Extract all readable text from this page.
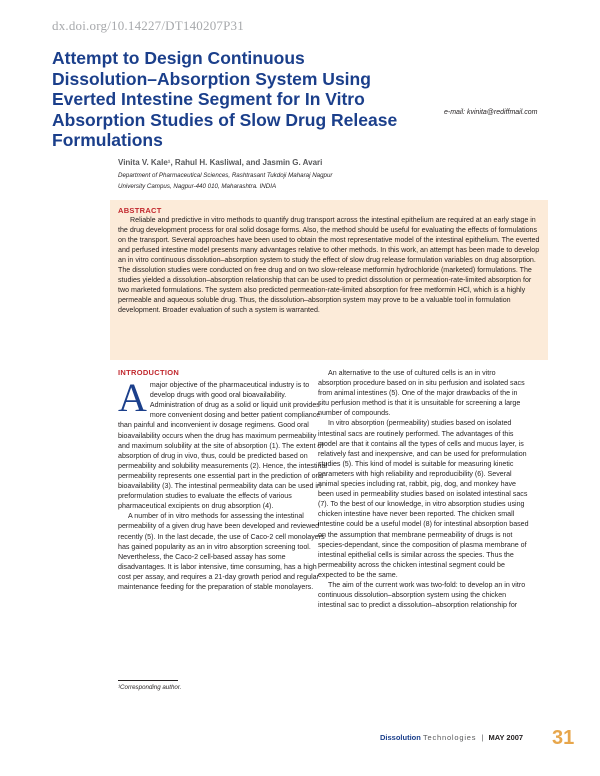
dx.doi.org/10.14227/DT140207P31
Attempt to Design Continuous Dissolution–Absorption System Using Everted Intestine Segment for In Vitro Absorption Studies of Slow Drug Release Formulations
e-mail: kvinita@rediffmail.com
Vinita V. Kale¹, Rahul H. Kasliwal, and Jasmin G. Avari
Department of Pharmaceutical Sciences, Rashtrasant Tukdoji Maharaj Nagpur
University Campus, Nagpur-440 010, Maharashtra. INDIA
ABSTRACT

Reliable and predictive in vitro methods to quantify drug transport across the intestinal epithelium are required at an early stage in the drug development process for oral solid dosage forms. Also, the method should be useful for evaluating the effects of formulations on the transport. Several approaches have been used to obtain the most representative model of the intestinal epithelium. The everted and perfused intestine model presents many advantages relative to other methods. In this work, an attempt has been made to develop an in vitro continuous dissolution–absorption system to study the effect of slow drug release formulation variables on drug absorption. The dissolution studies were conducted on free drug and on two slow-release metformin hydrochloride (marketed) formulations. The studies yielded a dissolution–absorption relationship that can be used to predict dissolution or permeation-rate-limited absorption for two marketed formulations. The system also predicted permeation-rate-limited absorption for free metformin HCl, which is a highly permeable and aqueous soluble drug. Thus, the dissolution–absorption system may prove to be a valuable tool in formulation development. Broader evaluation of such a system is warranted.

INTRODUCTION

Amajor objective of the pharmaceutical industry is to develop drugs with good oral bioavailability. Administration of drug as a solid or liquid unit provides more convenient dosing and better patient compliance than painful and inconvenient iv dosage regimens. Good oral bioavailability occurs when the drug has maximum permeability and maximum solubility at the site of absorption (1). The extent of absorption of drug in vivo, thus, could be predicted based on permeability and solubility measurements (2). Hence, the intestinal permeability represents one essential part in the prediction of oral bioavailability (3). The intestinal permeability data can be used in preformulation studies to evaluate the effects of various pharmaceutical excipients on drug absorption (4).

A number of in vitro methods for assessing the intestinal permeability of a given drug have been developed and reviewed recently (5). In the last decade, the use of Caco-2 cell monolayers has gained popularity as an in vitro absorption screening tool. Nevertheless, the Caco-2 cell-based assay has some disadvantages. It is labor intensive, time consuming, has a high cost per assay, and requires a 21-day growth period and regular maintenance feeding for the preparation of stable monolayers.

An alternative to the use of cultured cells is an in vitro absorption procedure based on in situ perfusion and isolated sacs from animal intestines (5). One of the major drawbacks of the in situ perfusion method is that it is unsuitable for screening a large number of compounds.

In vitro absorption (permeability) studies based on isolated intestinal sacs are routinely performed. The advantages of this model are that it contains all the types of cells and mucus layer, is relatively fast and inexpensive, and can be used for preformulation studies (5). This kind of model is suitable for measuring kinetic parameters with high reliability and reproducibility (6). Several animal species including rat, rabbit, pig, dog, and monkey have been used in permeability studies based on isolated intestinal sacs (7). To the best of our knowledge, in vitro absorption studies using chicken intestine have never been reported. The chicken small intestine could be a useful model (8) for intestinal absorption based on the assumption that membrane permeability of drugs is not species-dependant, since the composition of plasma membrane of intestinal epithelial cells is similar across the species. Thus the permeability across the chicken intestinal segment could be expected to be the same.

The aim of the current work was two-fold: to develop an in vitro continuous dissolution–absorption system using the chicken intestinal sac to predict a dissolution–absorption relationship for

¹Corresponding author.
Dissolution Technologies | MAY 2007 31
